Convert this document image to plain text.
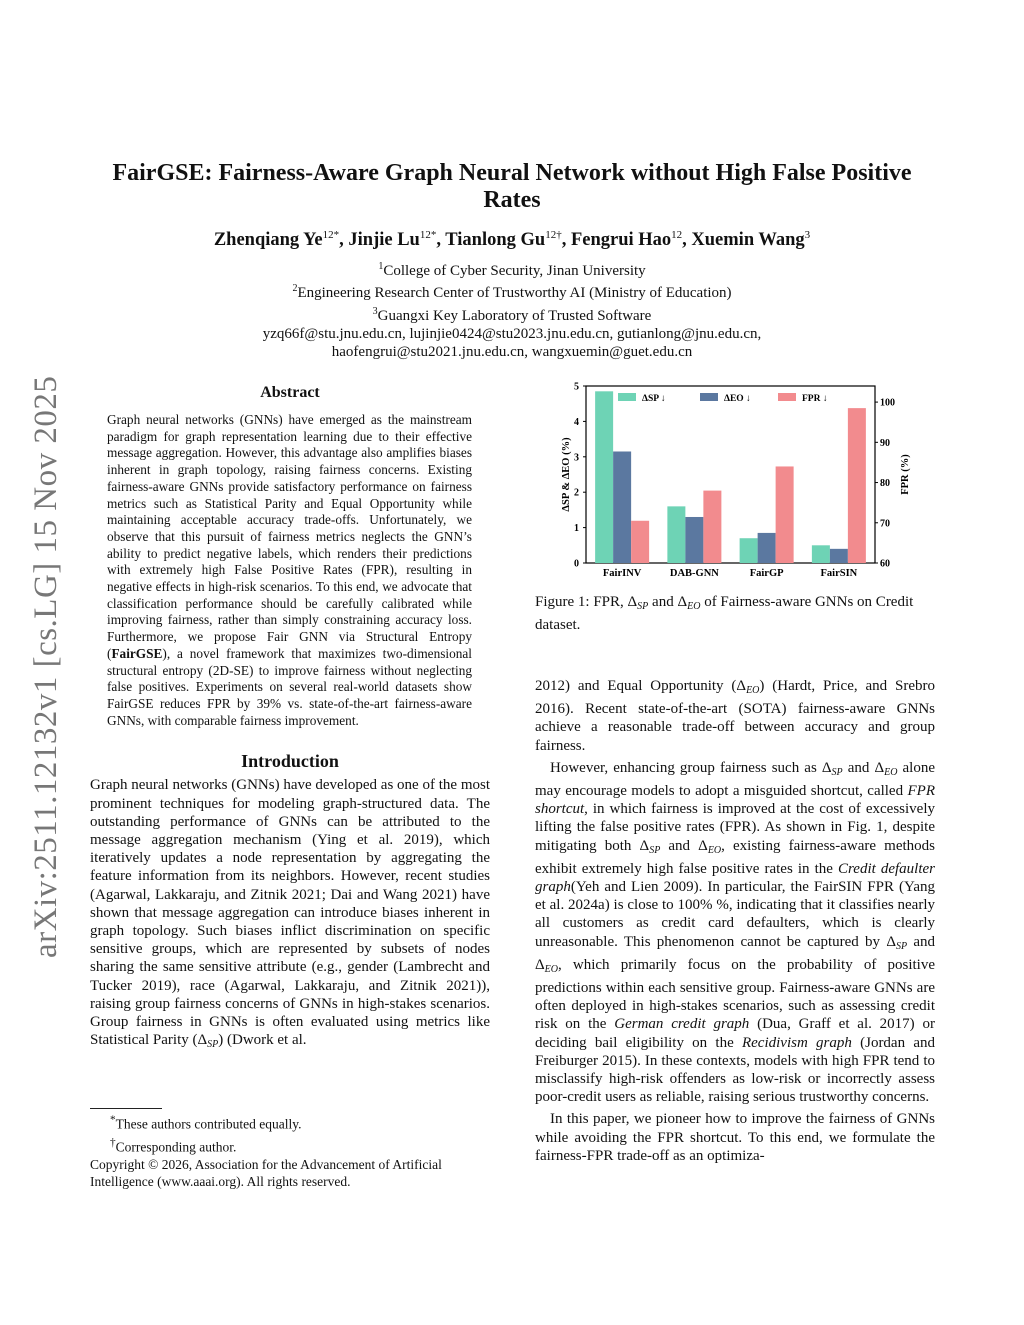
arXiv:2511.12132v1 [cs.LG] 15 Nov 2025
FairGSE: Fairness-Aware Graph Neural Network without High False Positive Rates
Zhenqiang $Ye^{12*}$, Jinjie $Lu^{12*}$, Tianlong $Gu^{12\dagger}$, Fengrui Hao$^{12}$, Xuemin Wang$^3$
$^1$College of Cyber Security, Jinan University
$^2$Engineering Research Center of Trustworthy AI (Ministry of Education)
$^3$Guangxi Key Laboratory of Trusted Software
yzq66f@stu.jnu.edu.cn, lujinjie0424@stu2023.jnu.edu.cn, gutianlong@jnu.edu.cn,
haofengrui@stu2021.jnu.edu.cn, wangxuemin@guet.edu.cn
Abstract

Graph neural networks (GNNs) have emerged as the mainstream paradigm for graph representation learning due to their effective message aggregation. However, this advantage also amplifies biases inherent in graph topology, raising fairness concerns. Existing fairness-aware GNNs provide satisfactory performance on fairness metrics such as Statistical Parity and Equal Opportunity while maintaining acceptable accuracy trade-offs. Unfortunately, we observe that this pursuit of fairness metrics neglects the GNN’s ability to predict negative labels, which renders their predictions with extremely high False Positive Rates (FPR), resulting in negative effects in high-risk scenarios. To this end, we advocate that classification performance should be carefully calibrated while improving fairness, rather than simply constraining accuracy loss. Furthermore, we propose Fair GNN via Structural Entropy (FairGSE), a novel framework that maximizes two-dimensional structural entropy (2D-SE) to improve fairness without neglecting false positives. Experiments on several real-world datasets show FairGSE reduces FPR by 39% vs. state-of-the-art fairness-aware GNNs, with comparable fairness improvement.

Introduction

Graph neural networks (GNNs) have developed as one of the most prominent techniques for modeling graph-structured data. The outstanding performance of GNNs can be attributed to the message aggregation mechanism (Ying et al. 2019), which iteratively updates a node representation by aggregating the feature information from its neighbors. However, recent studies (Agarwal, Lakkaraju, and Zitnik 2021; Dai and Wang 2021) have shown that message aggregation can introduce biases inherent in graph topology. Such biases inflict discrimination on specific sensitive groups, which are represented by subsets of nodes sharing the same sensitive attribute (e.g., gender (Lambrecht and Tucker 2019), race (Agarwal, Lakkaraju, and Zitnik 2021)), raising group fairness concerns of GNNs in high-stakes scenarios. Group fairness in GNNs is often evaluated using metrics like Statistical Parity $(\Delta_{SP})$ (Dwork et al.

*These authors contributed equally.
†Corresponding author.
Copyright © 2026, Association for the Advancement of Artificial Intelligence (www.aaai.org). All rights reserved.
0
1
2
3
4
5
60
70
80
90
100
ΔSP & ΔEO (%)	FPR (%)
FairINV	DAB-GNN	FairGP	FairSIN
ΔSP ↓	ΔEO ↓	FPR ↓
Figure 1: FPR, $\Delta_{SP}$ and $\Delta_{EO}$ of Fairness-aware GNNs on Credit dataset.

2012) and Equal Opportunity $(\Delta_{EO})$ (Hardt, Price, and Srebro 2016). Recent state-of-the-art (SOTA) fairness-aware GNNs achieve a reasonable trade-off between accuracy and group fairness.

However, enhancing group fairness such as $\Delta_{SP}$ and $\Delta_{EO}$ alone may encourage models to adopt a misguided shortcut, called FPR shortcut, in which fairness is improved at the cost of excessively lifting the false positive rates (FPR). As shown in Fig. 1, despite mitigating both $\Delta_{SP}$ and $\Delta_{EO}$, existing fairness-aware methods exhibit extremely high false positive rates in the Credit defaulter graph(Yeh and Lien 2009). In particular, the FairSIN FPR (Yang et al. 2024a) is close to 100% %, indicating that it classifies nearly all customers as credit card defaulters, which is clearly unreasonable. This phenomenon cannot be captured by $\Delta_{SP}$ and $\Delta_{EO}$, which primarily focus on the probability of positive predictions within each sensitive group. Fairness-aware GNNs are often deployed in high-stakes scenarios, such as assessing credit risk on the German credit graph (Dua, Graff et al. 2017) or deciding bail eligibility on the Recidivism graph (Jordan and Freiburger 2015). In these contexts, models with high FPR tend to misclassify high-risk offenders as low-risk or incorrectly assess poor-credit users as reliable, raising serious trustworthy concerns.

In this paper, we pioneer how to improve the fairness of GNNs while avoiding the FPR shortcut. To this end, we formulate the fairness-FPR trade-off as an optimiza-
